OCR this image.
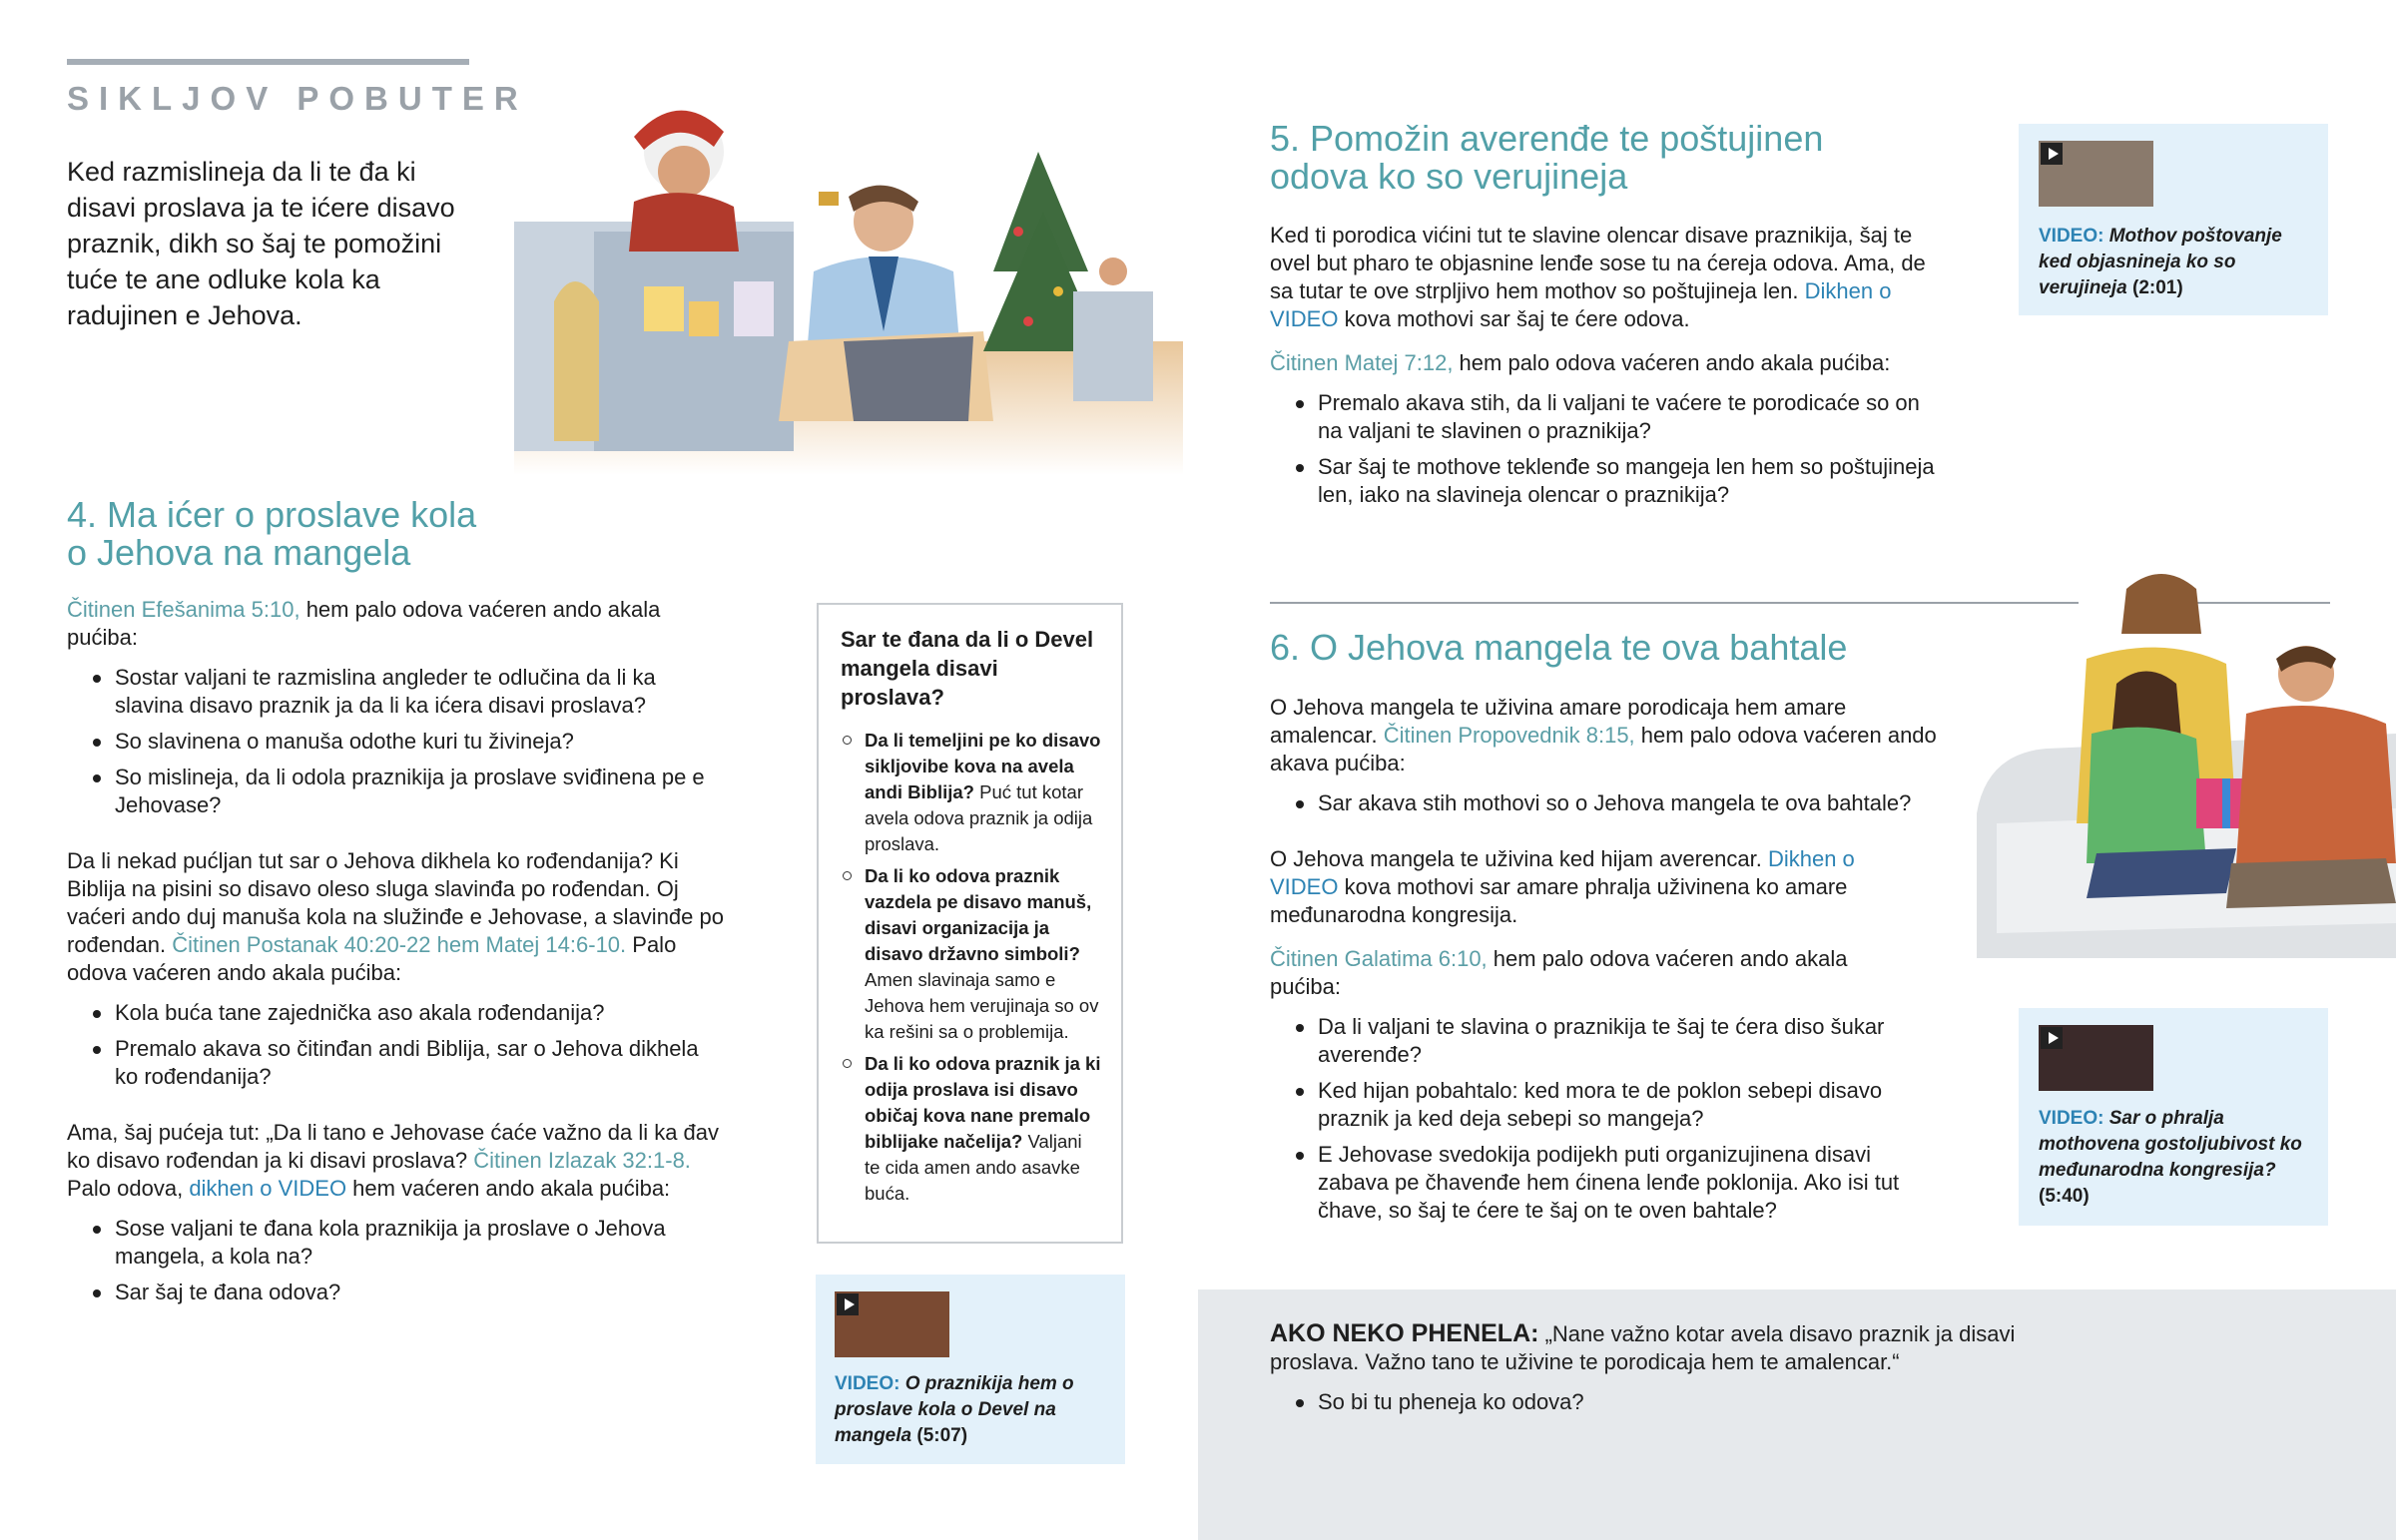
SIKLJOV POBUTER
Ked razmislineja da li te đa ki disavi proslava ja te ićere disavo praznik, dikh so šaj te pomožini tuće te ane odluke kola ka radujinen e Jehova.
4. Ma ićer o proslave kola
o Jehova na mangela

Čitinen Efešanima 5:10, hem palo odova vaćeren ando akala pućiba:

Sostar valjani te razmislina angleder te odlučina da li ka slavina disavo praznik ja da li ka ićera disavi proslava?
So slavinena o manuša odothe kuri tu živineja?
So mislineja, da li odola praznikija ja proslave sviđinena pe e Jehovase?

Da li nekad pućljan tut sar o Jehova dikhela ko rođendanija? Ki Biblija na pisini so disavo oleso sluga slavinđa po rođendan. Oj vaćeri ando duj manuša kola na služinđe e Jehovase, a slavinđe po rođendan. Čitinen Postanak 40:20-22 hem Matej 14:6-10. Palo odova vaćeren ando akala pućiba:

Kola buća tane zajednička aso akala rođendanija?
Premalo akava so čitinđan andi Biblija, sar o Jehova dikhela ko rođendanija?

Ama, šaj pućeja tut: „Da li tano e Jehovase ćaće važno da li ka đav ko disavo rođendan ja ki disavi proslava? Čitinen Izlazak 32:1-8. Palo odova, dikhen o VIDEO hem vaćeren ando akala pućiba:

Sose valjani te đana kola praznikija ja proslave o Jehova mangela, a kola na?
Sar šaj te đana odova?
Sar te đana da li o Devel mangela disavi proslava?
Da li temeljini pe ko disavo sikljovibe kova na avela andi Biblija? Puć tut kotar avela odova praznik ja odija proslava.
Da li ko odova praznik vazdela pe disavo manuš, disavi organizacija ja disavo državno simboli? Amen slavinaja samo e Jehova hem verujinaja so ov ka rešini sa o problemija.
Da li ko odova praznik ja ki odija proslava isi disavo običaj kova nane premalo biblijake načelija? Valjani te cida amen ando asavke buća.
VIDEO: O praznikija hem o proslave kola o Devel na mangela (5:07)
5. Pomožin averenđe te poštujinen
odova ko so verujineja

Ked ti porodica vićini tut te slavine olencar disave praznikija, šaj te ovel but pharo te objasnine lenđe sose tu na ćereja odova. Ama, de sa tutar te ove strpljivo hem mothov so poštujineja len. Dikhen o VIDEO kova mothovi sar šaj te ćere odova.

Čitinen Matej 7:12, hem palo odova vaćeren ando akala pućiba:

Premalo akava stih, da li valjani te vaćere te porodicaće so on na valjani te slavinen o praznikija?
Sar šaj te mothove teklenđe so mangeja len hem so poštujineja len, iako na slavineja olencar o praznikija?
VIDEO: Mothov poštovanje ked objasnineja ko so verujineja (2:01)
6. O Jehova mangela te ova bahtale

O Jehova mangela te uživina amare porodicaja hem amare amalencar. Čitinen Propovednik 8:15, hem palo odova vaćeren ando akava pućiba:

Sar akava stih mothovi so o Jehova mangela te ova bahtale?

O Jehova mangela te uživina ked hijam averencar. Dikhen o VIDEO kova mothovi sar amare phralja uživinena ko amare međunarodna kongresija.

Čitinen Galatima 6:10, hem palo odova vaćeren ando akala pućiba:

Da li valjani te slavina o praznikija te šaj te ćera diso šukar averenđe?
Ked hijan pobahtalo: ked mora te de poklon sebepi disavo praznik ja ked deja sebepi so mangeja?
E Jehovase svedokija podijekh puti organizujinena disavi zabava pe čhavenđe hem ćinena lenđe poklonija. Ako isi tut čhave, so šaj te ćere te šaj on te oven bahtale?
VIDEO: Sar o phralja mothovena gostoljubivost ko međunarodna kongresija? (5:40)

AKO NEKO PHENELA: „Nane važno kotar avela disavo praznik ja disavi proslava. Važno tano te uživine te porodicaja hem te amalencar.“

So bi tu pheneja ko odova?
